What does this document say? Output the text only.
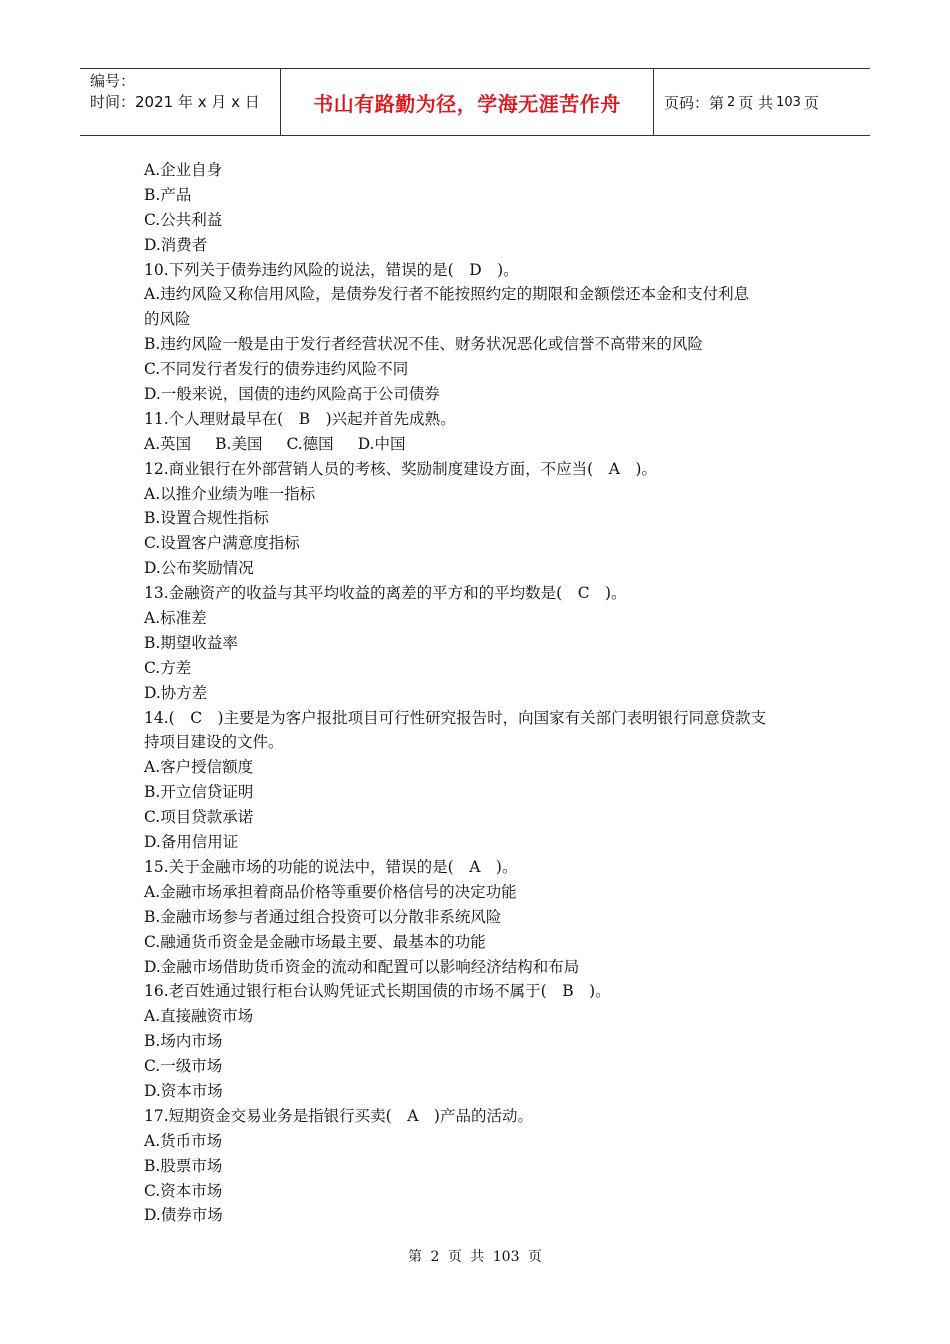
编号：
时间：2021 年 x 月 x 日	书山有路勤为径，学海无涯苦作舟	页码：第 2 页 共 103 页
A.企业自身
B.产品
C.公共利益
D.消费者
10.下列关于债券违约风险的说法，错误的是(　D　)。
A.违约风险又称信用风险，是债券发行者不能按照约定的期限和金额偿还本金和支付利息
的风险
B.违约风险一般是由于发行者经营状况不佳、财务状况恶化或信誉不高带来的风险
C.不同发行者发行的债券违约风险不同
D.一般来说，国债的违约风险高于公司债券
11.个人理财最早在(　B　)兴起并首先成熟。
A.英国 B.美国 C.德国 D.中国
12.商业银行在外部营销人员的考核、奖励制度建设方面，不应当(　A　)。
A.以推介业绩为唯一指标
B.设置合规性指标
C.设置客户满意度指标
D.公布奖励情况
13.金融资产的收益与其平均收益的离差的平方和的平均数是(　C　)。
A.标准差
B.期望收益率
C.方差
D.协方差
14.(　C　)主要是为客户报批项目可行性研究报告时，向国家有关部门表明银行同意贷款支
持项目建设的文件。
A.客户授信额度
B.开立信贷证明
C.项目贷款承诺
D.备用信用证
15.关于金融市场的功能的说法中，错误的是(　A　)。
A.金融市场承担着商品价格等重要价格信号的决定功能
B.金融市场参与者通过组合投资可以分散非系统风险
C.融通货币资金是金融市场最主要、最基本的功能
D.金融市场借助货币资金的流动和配置可以影响经济结构和布局
16.老百姓通过银行柜台认购凭证式长期国债的市场不属于(　B　)。
A.直接融资市场
B.场内市场
C.一级市场
D.资本市场
17.短期资金交易业务是指银行买卖(　A　)产品的活动。
A.货币市场
B.股票市场
C.资本市场
D.债券市场
第 2 页 共 103 页
